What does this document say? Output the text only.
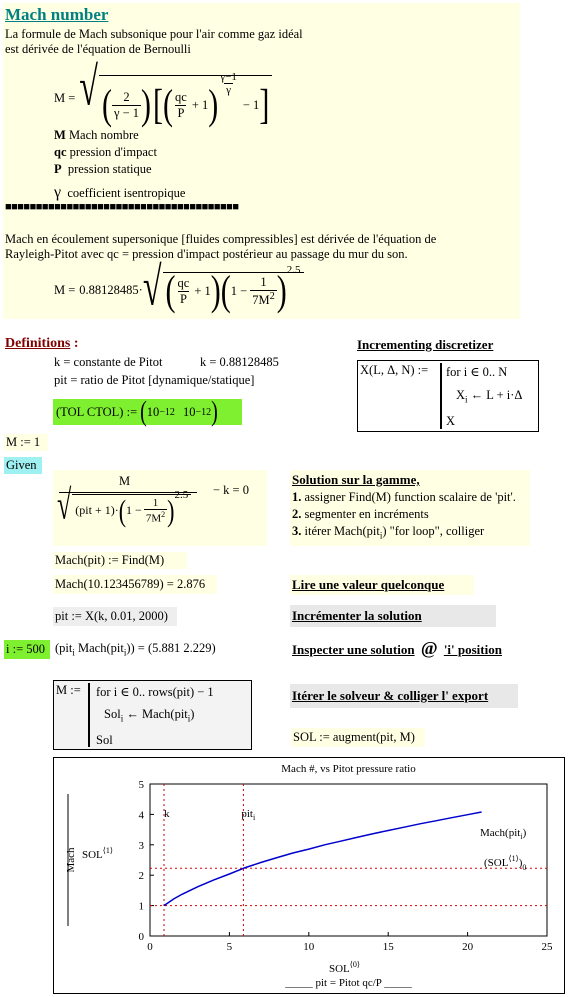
Mach number
La formule de Mach subsonique pour l'air comme gaz idéal
est dérivée de l'équation de Bernoulli
M = √ ( $\frac{2}{\gamma - 1}$ ) [ ( $\frac{qc}{P} + 1$ ) $\frac{\gamma-1}{\gamma}$
− 1 ]
M Mach nombre
qc pression d'impact
P pression statique
γ coefficient isentropique
■■■■■■■■■■■■■■■■■■■■■■■■■■■■■■■■■■■■■■
Mach en écoulement supersonique [fluides compressibles] est dérivée de l'équation de
Rayleigh-Pitot avec qc = pression d'impact postérieur au passage du mur du son.
M = 0.88128485· √ ( $\frac{qc}{P} + 1$ ) ( $1 - \frac{1}{7M^2}$ ) 2.5
Definitions :
k = constante de Pitot	k = 0.88128485
pit = ratio de Pitot [dynamique/statique]
(TOL CTOL) := ( 10 −12 10 −12 )
Incrementing discretizer
X(L, Δ, N) := for i ∈ 0.. N
$X_i$ ← L + i·Δ
X
M := 1
Given
M
√ (pit + 1)· ( $1 - \frac{1}{7M^2}$ ) 2.5 − k = 0
Mach(pit) := Find(M)
Mach(10.123456789) = 2.876
pit := X(k, 0.01, 2000)
i := 500 (pit$_i$ Mach(pit$_i$)) = (5.881 2.229)
M := for i ∈ 0.. rows(pit) − 1
Sol$_i$ ← Mach(pit$_i$)
Sol	SOL := augment(pit, M)
Solution sur la gamme,
1. assigner Find(M) function scalaire de 'pit'.
2. segmenter en incréments
3. itérer Mach(pit$_i$) "for loop", colliger
Lire une valeur quelconque
Incrémenter la solution
Inspecter une solution @ 'i' position
Itérer le solveur & colliger l' export
Mach #, vs Pitot pressure ratio
0	5	10	15	20	25
0
1
2
3
4
5
k	pit$_i$
$SOL^{⟨0⟩}$
_____ pit = Pitot qc/P _____
Mach $SOL^{⟨1⟩}$
Mach(pit$_i$)
$(SOL^{⟨1⟩})_0$
